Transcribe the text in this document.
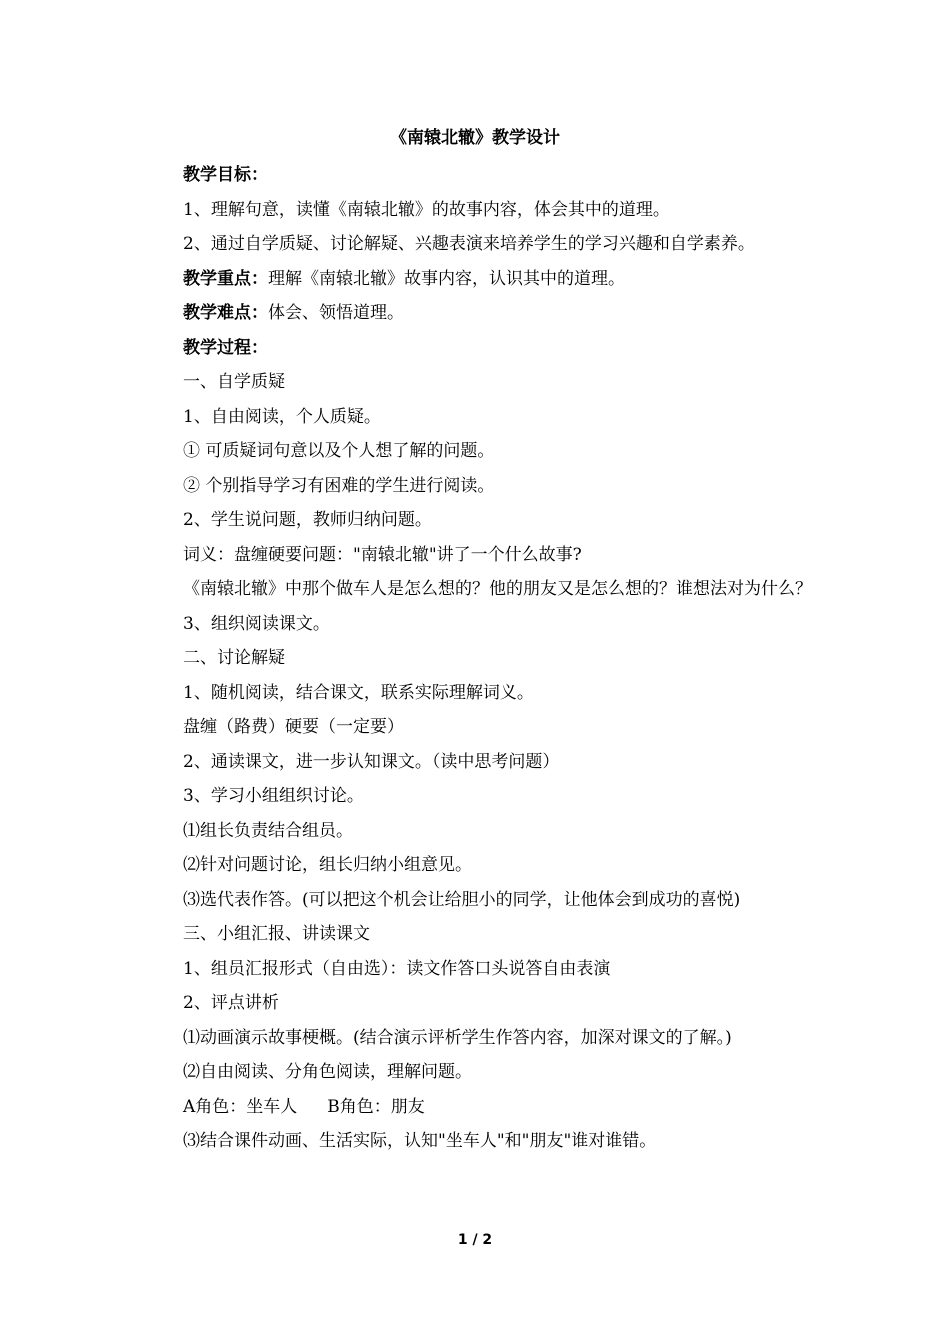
《南辕北辙》教学设计
教学目标：
1、理解句意，读懂《南辕北辙》的故事内容，体会其中的道理。
2、通过自学质疑、讨论解疑、兴趣表演来培养学生的学习兴趣和自学素养。
教学重点：理解《南辕北辙》故事内容，认识其中的道理。
教学难点：体会、领悟道理。
教学过程：
一、自学质疑
1、自由阅读，个人质疑。
① 可质疑词句意以及个人想了解的问题。
② 个别指导学习有困难的学生进行阅读。
2、学生说问题，教师归纳问题。
词义：盘缠硬要问题："南辕北辙"讲了一个什么故事?
《南辕北辙》中那个做车人是怎么想的？他的朋友又是怎么想的？谁想法对为什么？
3、组织阅读课文。
二、讨论解疑
1、随机阅读，结合课文，联系实际理解词义。
盘缠（路费）硬要（一定要）
2、通读课文，进一步认知课文。（读中思考问题）
3、学习小组组织讨论。
⑴组长负责结合组员。
⑵针对问题讨论，组长归纳小组意见。
⑶选代表作答。(可以把这个机会让给胆小的同学，让他体会到成功的喜悦)
三、小组汇报、讲读课文
1、组员汇报形式（自由选）：读文作答口头说答自由表演
2、评点讲析
⑴动画演示故事梗概。(结合演示评析学生作答内容，加深对课文的了解。)
⑵自由阅读、分角色阅读，理解问题。
A角色：坐车人 B角色：朋友
⑶结合课件动画、生活实际，认知"坐车人"和"朋友"谁对谁错。
1 / 2
